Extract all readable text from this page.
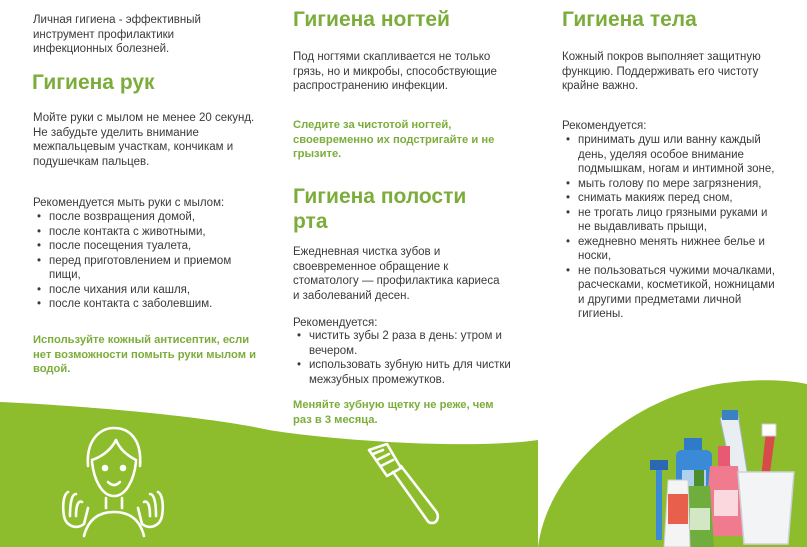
Личная гигиена - эффективный инструмент профилактики инфекционных болезней.
Гигиена рук
Мойте руки с мылом не менее 20 секунд. Не забудьте уделить внимание межпальцевым участкам, кончикам и подушечкам пальцев.
Рекомендуется мыть руки с мылом:
• после возвращения домой,
• после контакта с животными,
• после посещения туалета,
• перед приготовлением и приемом пищи,
• после чихания или кашля,
• после контакта с заболевшим.
Используйте кожный антисептик, если нет возможности помыть руки мылом и водой.
Гигиена ногтей
Под ногтями скапливается не только грязь, но и микробы, способствующие распространению инфекции.
Следите за чистотой ногтей, своевременно их подстригайте и не грызите.
Гигиена полости рта
Ежедневная чистка зубов и своевременное обращение к стоматологу — профилактика кариеса и заболеваний десен.
Рекомендуется:
• чистить зубы 2 раза в день: утром и вечером.
• использовать зубную нить для чистки межзубных промежутков.
Меняйте зубную щетку не реже, чем раз в 3 месяца.
Гигиена тела
Кожный покров выполняет защитную функцию. Поддерживать его чистоту крайне важно.
Рекомендуется:
• принимать душ или ванну каждый день, уделяя особое внимание подмышкам, ногам и интимной зоне,
• мыть голову по мере загрязнения,
• снимать макияж перед сном,
• не трогать лицо грязными руками и не выдавливать прыщи,
• ежедневно менять нижнее белье и носки,
• не пользоваться чужими мочалками, расческами, косметикой, ножницами и другими предметами личной гигиены.
